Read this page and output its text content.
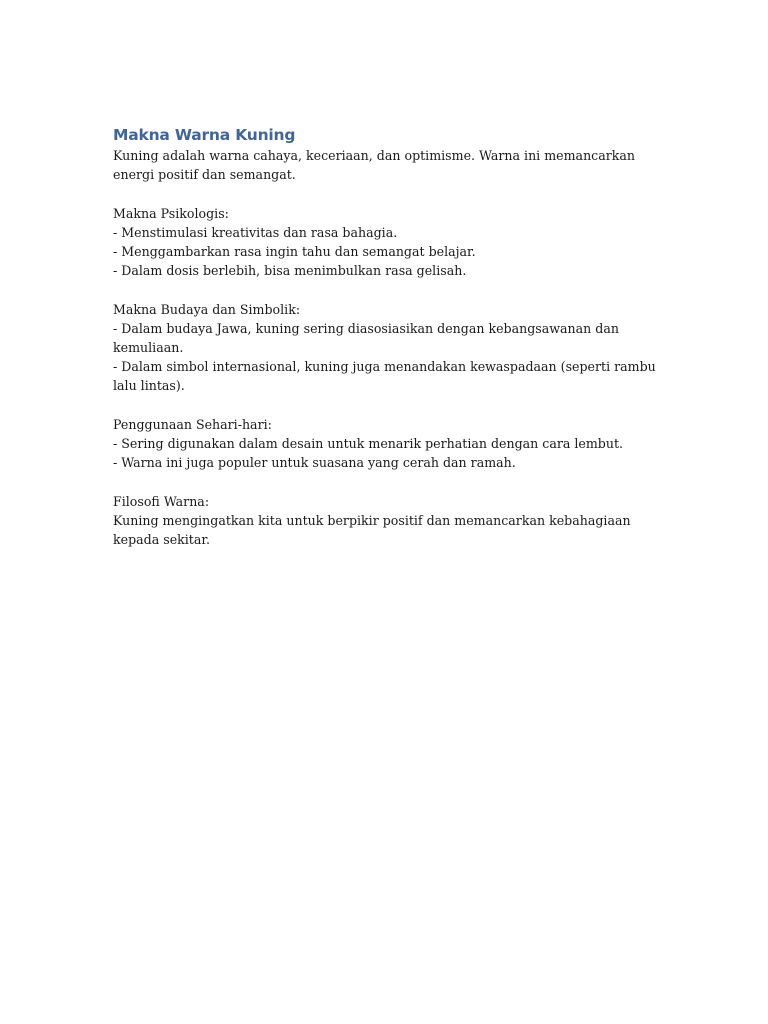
Makna Warna Kuning

Kuning adalah warna cahaya, keceriaan, dan optimisme. Warna ini memancarkan energi positif dan semangat.

Makna Psikologis:
- Menstimulasi kreativitas dan rasa bahagia.
- Menggambarkan rasa ingin tahu dan semangat belajar.
- Dalam dosis berlebih, bisa menimbulkan rasa gelisah.
Makna Budaya dan Simbolik:
- Dalam budaya Jawa, kuning sering diasosiasikan dengan kebangsawanan dan kemuliaan.
- Dalam simbol internasional, kuning juga menandakan kewaspadaan (seperti rambu lalu lintas).
Penggunaan Sehari-hari:
- Sering digunakan dalam desain untuk menarik perhatian dengan cara lembut.
- Warna ini juga populer untuk suasana yang cerah dan ramah.
Filosofi Warna:
Kuning mengingatkan kita untuk berpikir positif dan memancarkan kebahagiaan kepada sekitar.
